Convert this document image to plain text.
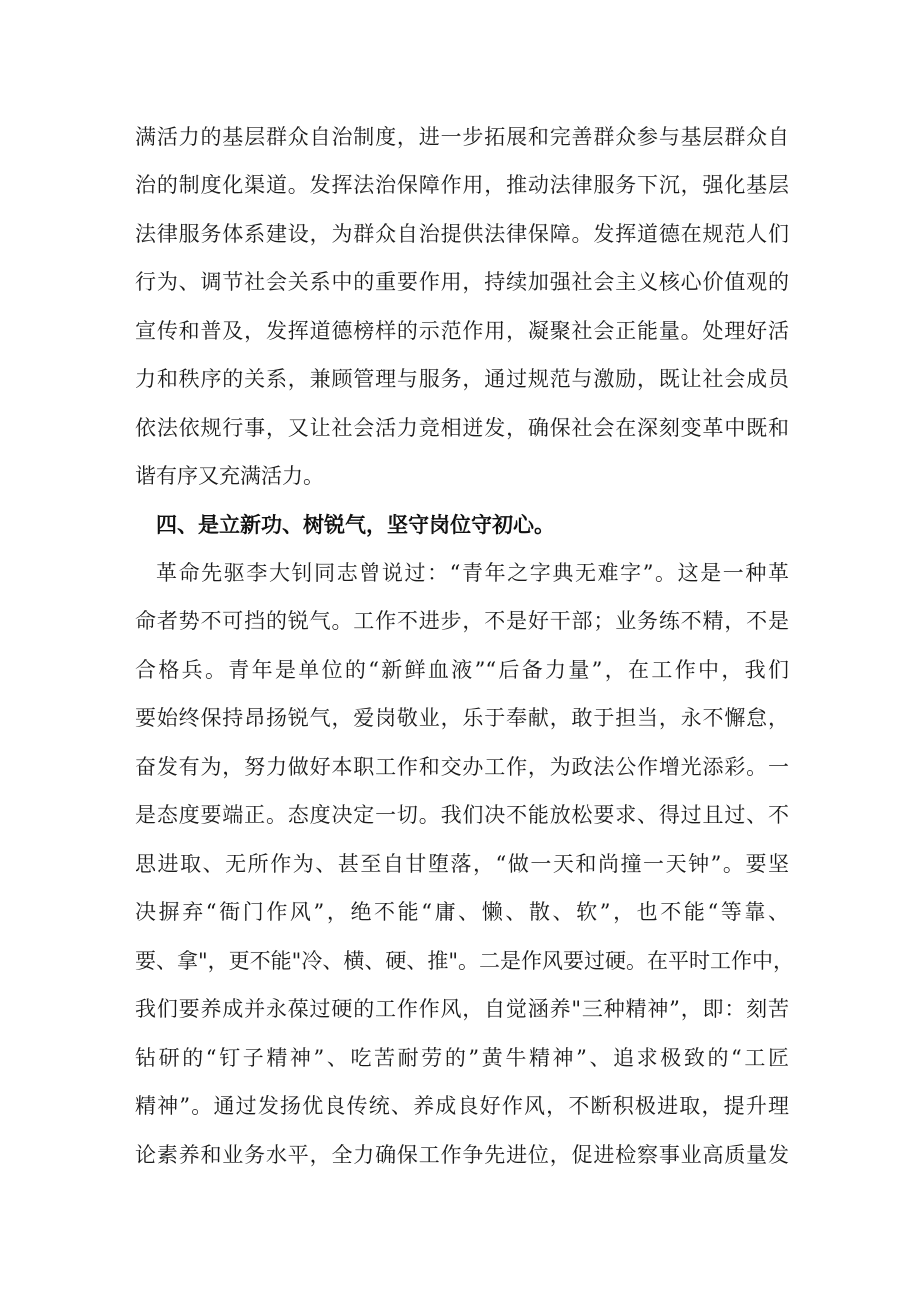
满活力的基层群众自治制度，进一步拓展和完善群众参与基层群众自
治的制度化渠道。发挥法治保障作用，推动法律服务下沉，强化基层
法律服务体系建设，为群众自治提供法律保障。发挥道德在规范人们
行为、调节社会关系中的重要作用，持续加强社会主义核心价值观的
宣传和普及，发挥道德榜样的示范作用，凝聚社会正能量。处理好活
力和秩序的关系，兼顾管理与服务，通过规范与激励，既让社会成员
依法依规行事，又让社会活力竞相迸发，确保社会在深刻变革中既和
谐有序又充满活力。
四、是立新功、树锐气，坚守岗位守初心。
革命先驱李大钊同志曾说过：“青年之字典无难字”。这是一种革
命者势不可挡的锐气。工作不进步，不是好干部；业务练不精，不是
合格兵。青年是单位的“新鲜血液”“后备力量”，在工作中，我们
要始终保持昂扬锐气，爱岗敬业，乐于奉献，敢于担当，永不懈怠，
奋发有为，努力做好本职工作和交办工作，为政法公作增光添彩。一
是态度要端正。态度决定一切。我们决不能放松要求、得过且过、不
思进取、无所作为、甚至自甘堕落，“做一天和尚撞一天钟”。要坚
决摒弃“衙门作风”，绝不能“庸、懒、散、软”，也不能“等靠、
要、拿"，更不能"冷、横、硬、推"。二是作风要过硬。在平时工作中，
我们要养成并永葆过硬的工作作风，自觉涵养"三种精神”，即：刻苦
钻研的“钉子精神”、吃苦耐劳的”黄牛精神”、追求极致的“工匠
精神”。通过发扬优良传统、养成良好作风，不断积极进取，提升理
论素养和业务水平，全力确保工作争先进位，促进检察事业高质量发
